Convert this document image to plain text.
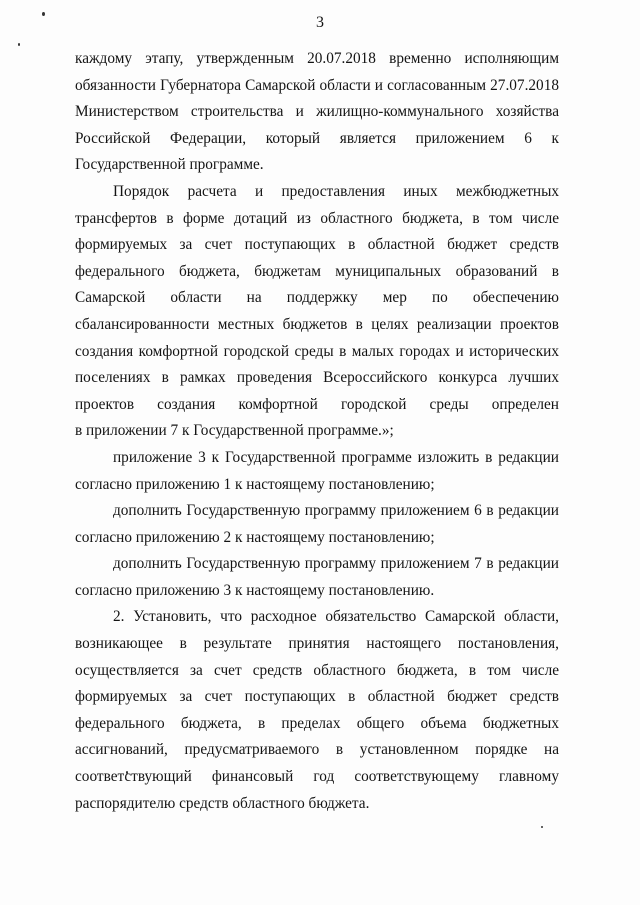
3
каждому этапу, утвержденным 20.07.2018 временно исполняющим
обязанности Губернатора Самарской области и согласованным 27.07.2018
Министерством строительства и жилищно-коммунального хозяйства
Российской Федерации, который является приложением 6 к
Государственной программе.
Порядок расчета и предоставления иных межбюджетных
трансфертов в форме дотаций из областного бюджета, в том числе
формируемых за счет поступающих в областной бюджет средств
федерального бюджета, бюджетам муниципальных образований в
Самарской области на поддержку мер по обеспечению
сбалансированности местных бюджетов в целях реализации проектов
создания комфортной городской среды в малых городах и исторических
поселениях в рамках проведения Всероссийского конкурса лучших
проектов создания комфортной городской среды определен
в приложении 7 к Государственной программе.»;
приложение 3 к Государственной программе изложить в редакции
согласно приложению 1 к настоящему постановлению;
дополнить Государственную программу приложением 6 в редакции
согласно приложению 2 к настоящему постановлению;
дополнить Государственную программу приложением 7 в редакции
согласно приложению 3 к настоящему постановлению.
2. Установить, что расходное обязательство Самарской области,
возникающее в результате принятия настоящего постановления,
осуществляется за счет средств областного бюджета, в том числе
формируемых за счет поступающих в областной бюджет средств
федерального бюджета, в пределах общего объема бюджетных
ассигнований, предусматриваемого в установленном порядке на
соответствующий финансовый год соответствующему главному
распорядителю средств областного бюджета.
